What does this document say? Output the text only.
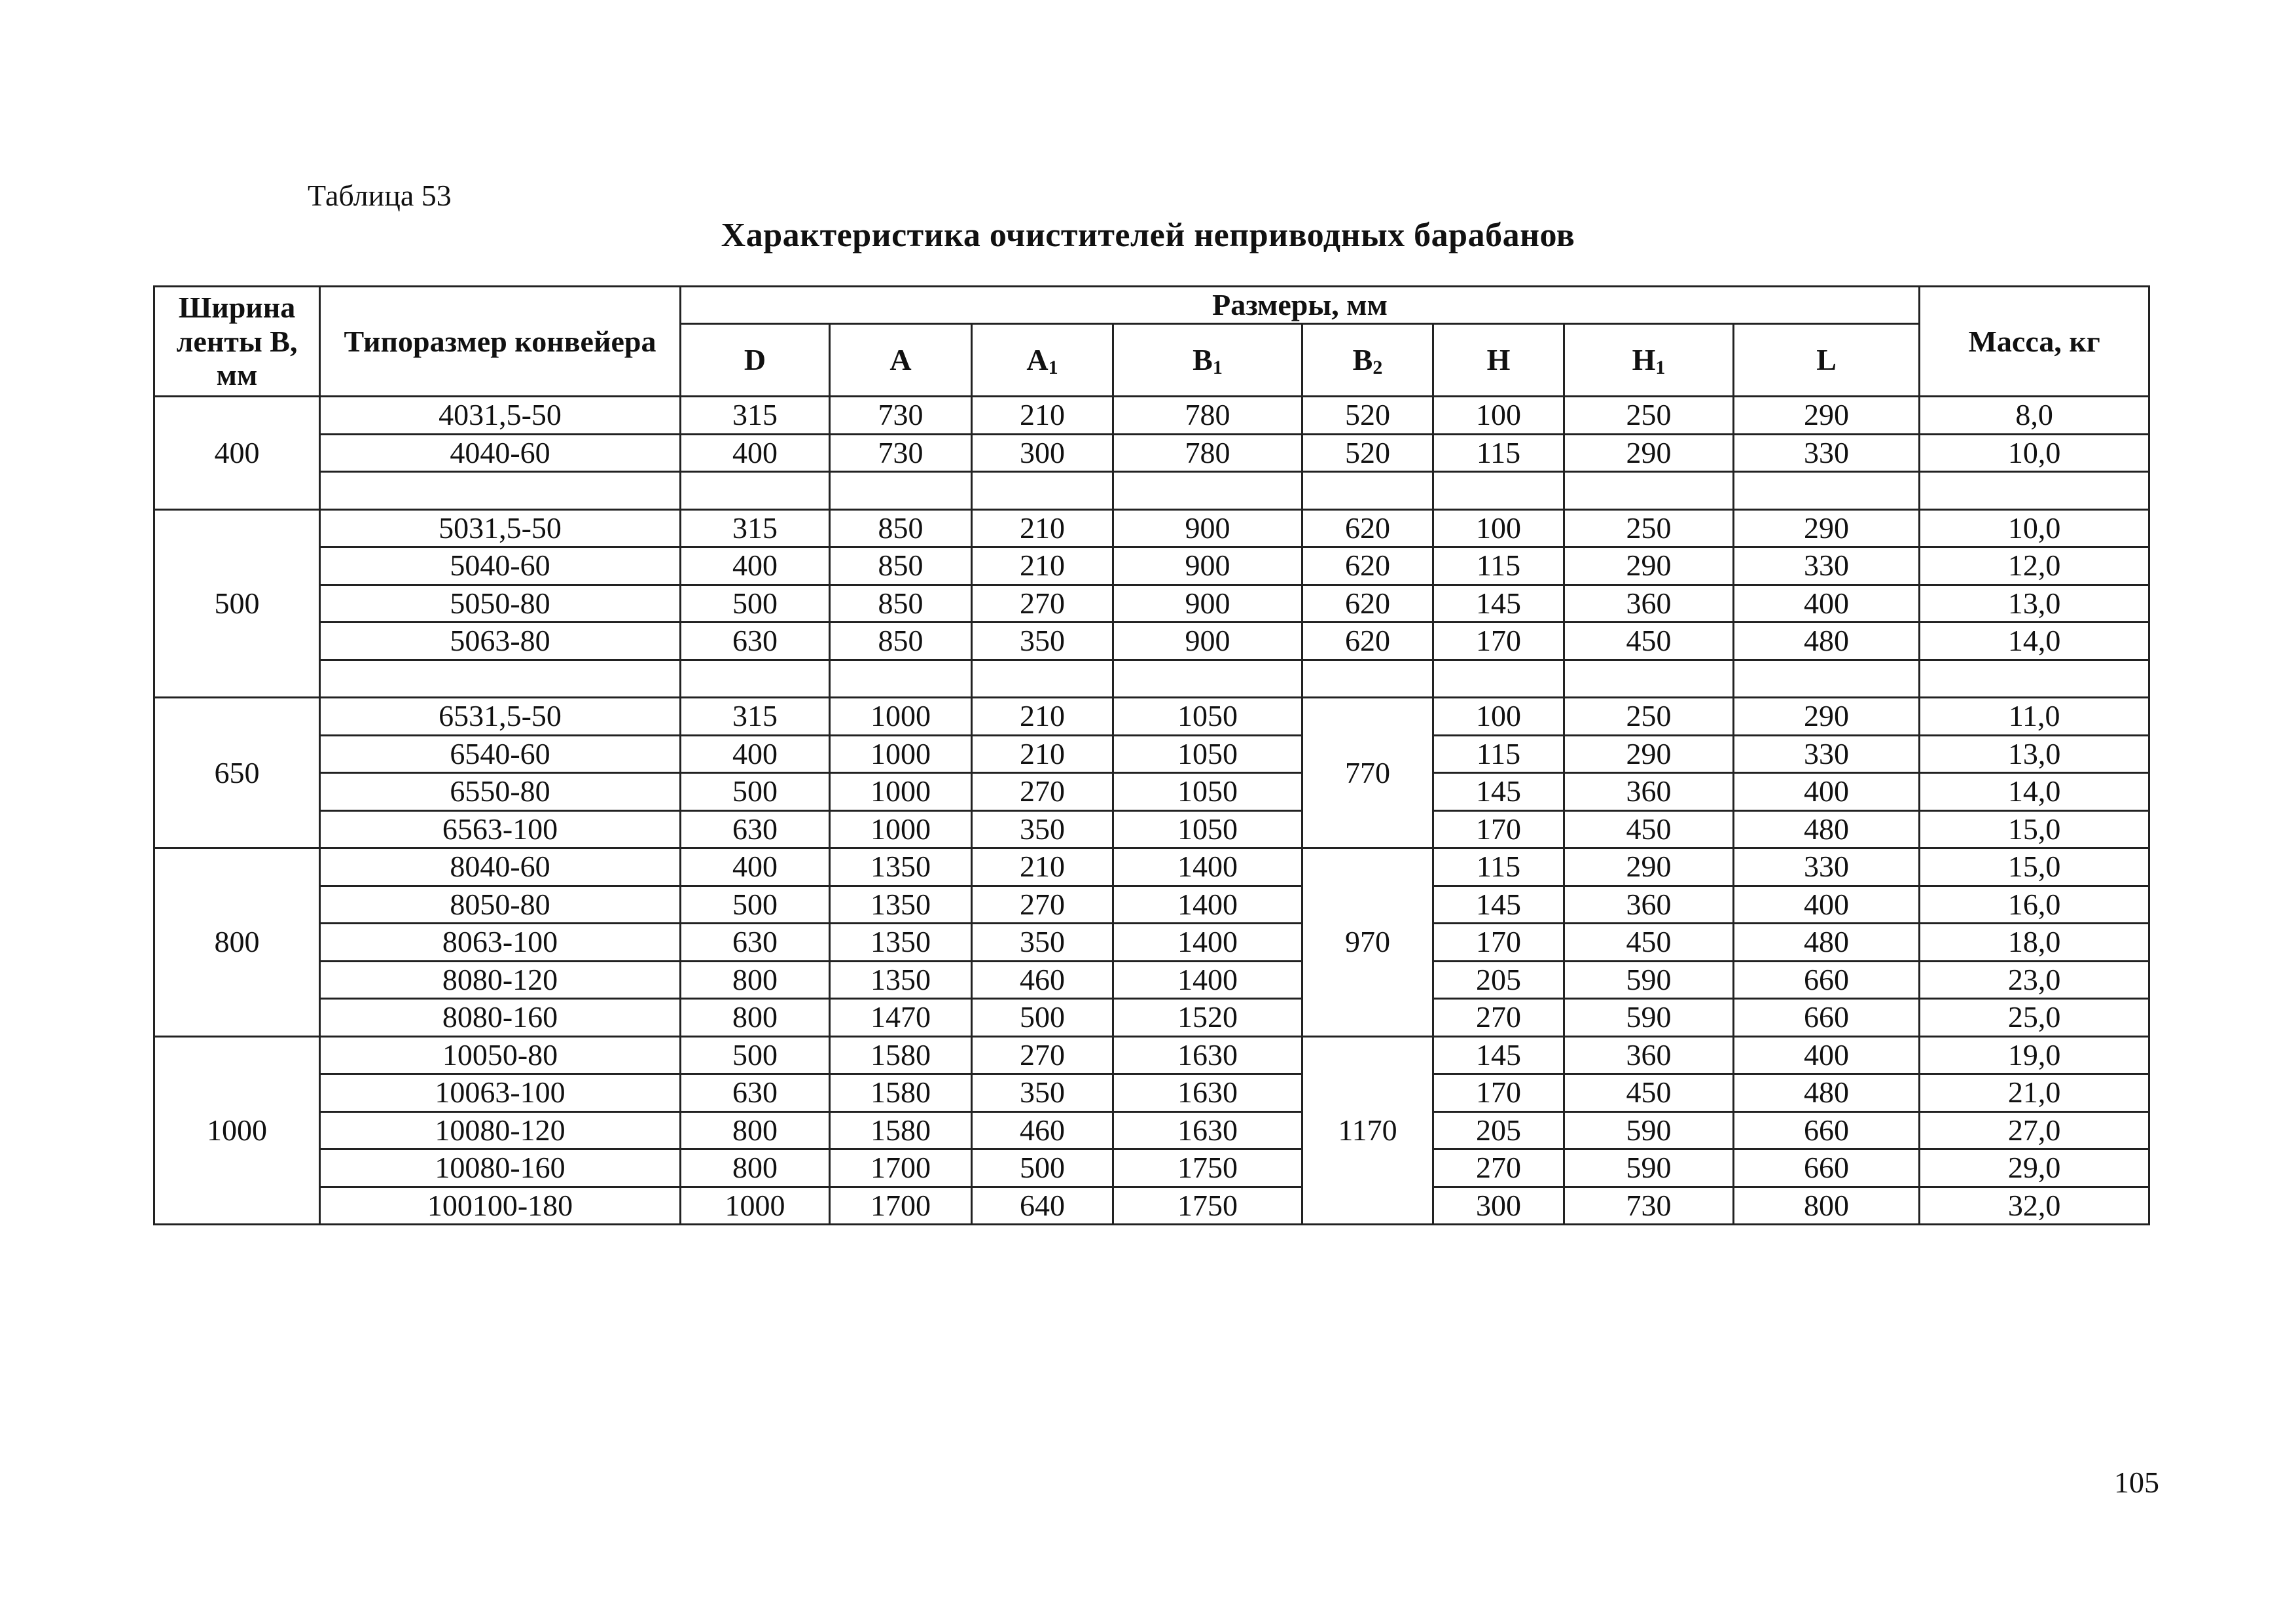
Таблица 53
Характеристика очистителей неприводных барабанов
Ширина ленты В, мм	Типоразмер конвейера	Размеры, мм								Масса, кг
		D	А	$А_1$	$В_1$	$В_2$	Н	$Н_1$	L	
400	4031,5-50	315	730	210	780	520	100	250	290	8,0
	4040-60	400	730	300	780	520	115	290	330	10,0

500	5031,5-50	315	850	210	900	620	100	250	290	10,0
	5040-60	400	850	210	900	620	115	290	330	12,0
	5050-80	500	850	270	900	620	145	360	400	13,0
	5063-80	630	850	350	900	620	170	450	480	14,0

650	6531,5-50	315	1000	210	1050	770	100	250	290	11,0
	6540-60	400	1000	210	1050		115	290	330	13,0
	6550-80	500	1000	270	1050		145	360	400	14,0
	6563-100	630	1000	350	1050		170	450	480	15,0
800	8040-60	400	1350	210	1400	970	115	290	330	15,0
	8050-80	500	1350	270	1400		145	360	400	16,0
	8063-100	630	1350	350	1400		170	450	480	18,0
	8080-120	800	1350	460	1400		205	590	660	23,0
	8080-160	800	1470	500	1520		270	590	660	25,0
1000	10050-80	500	1580	270	1630	1170	145	360	400	19,0
	10063-100	630	1580	350	1630		170	450	480	21,0
	10080-120	800	1580	460	1630		205	590	660	27,0
	10080-160	800	1700	500	1750		270	590	660	29,0
	100100-180	1000	1700	640	1750		300	730	800	32,0
105
